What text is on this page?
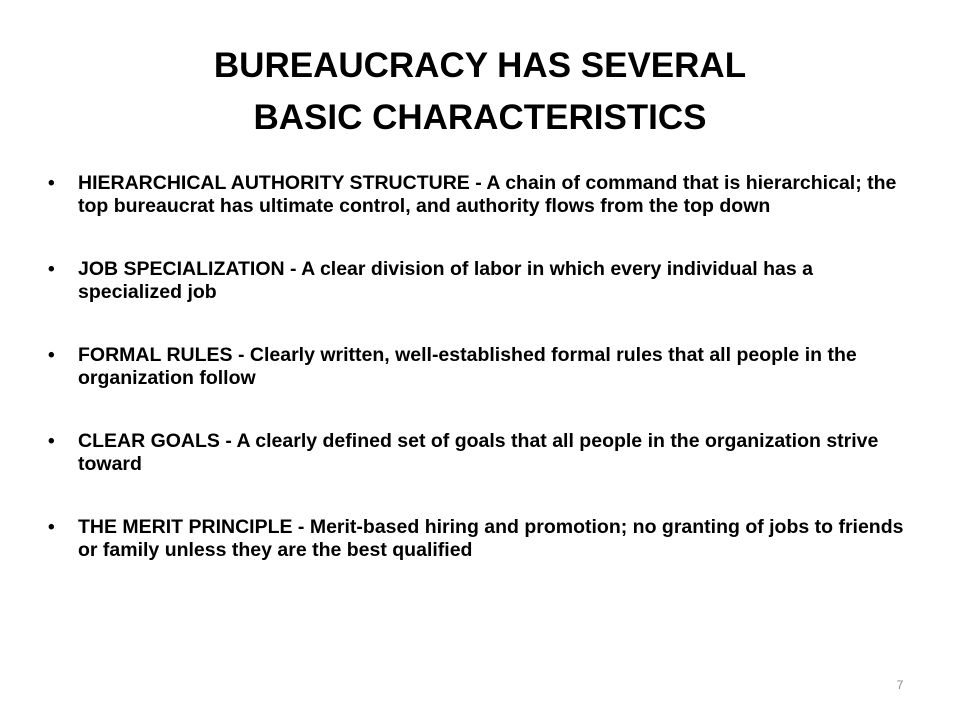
BUREAUCRACY HAS SEVERAL
BASIC CHARACTERISTICS
• HIERARCHICAL AUTHORITY STRUCTURE - A chain of command that is hierarchical; the top bureaucrat has ultimate control, and authority flows from the top down
• JOB SPECIALIZATION - A clear division of labor in which every individual has a specialized job
• FORMAL RULES - Clearly written, well-established formal rules that all people in the organization follow
• CLEAR GOALS - A clearly defined set of goals that all people in the organization strive toward
• THE MERIT PRINCIPLE - Merit-based hiring and promotion; no granting of jobs to friends or family unless they are the best qualified
7
